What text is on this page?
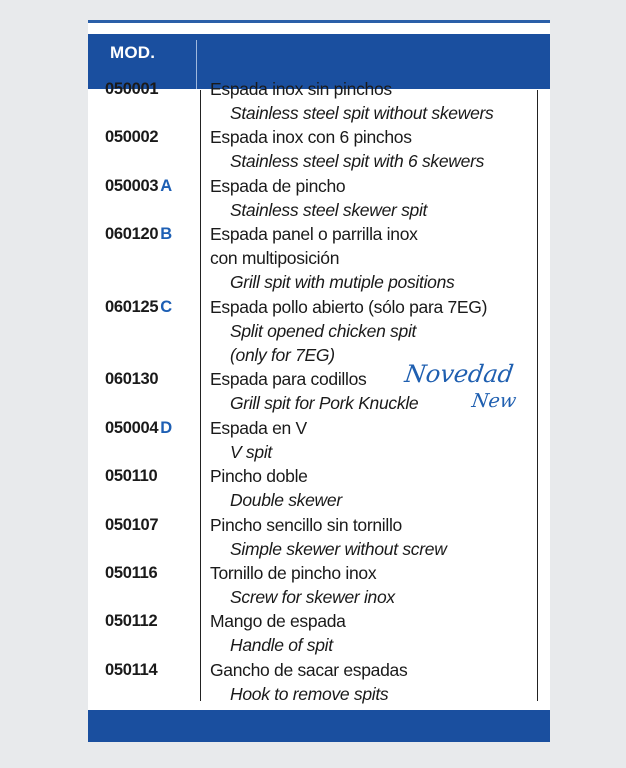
MOD.
050001	Espada inox sin pinchos
Stainless steel spit without skewers
050002	Espada inox con 6 pinchos
Stainless steel spit with 6 skewers
050003 A Espada de pincho
Stainless steel skewer spit
060120 B Espada panel o parrilla inox
con multiposición
Grill spit with mutiple positions
060125 C Espada pollo abierto (sólo para 7EG)
Split opened chicken spit
(only for 7EG)
060130	Espada para codillos
Grill spit for Pork Knuckle
050004 D Espada en V
V spit
050110	Pincho doble
Double skewer
050107	Pincho sencillo sin tornillo
Simple skewer without screw
050116	Tornillo de pincho inox
Screw for skewer inox
050112	Mango de espada
Handle of spit
050114	Gancho de sacar espadas
Hook to remove spits
Novedad
New
